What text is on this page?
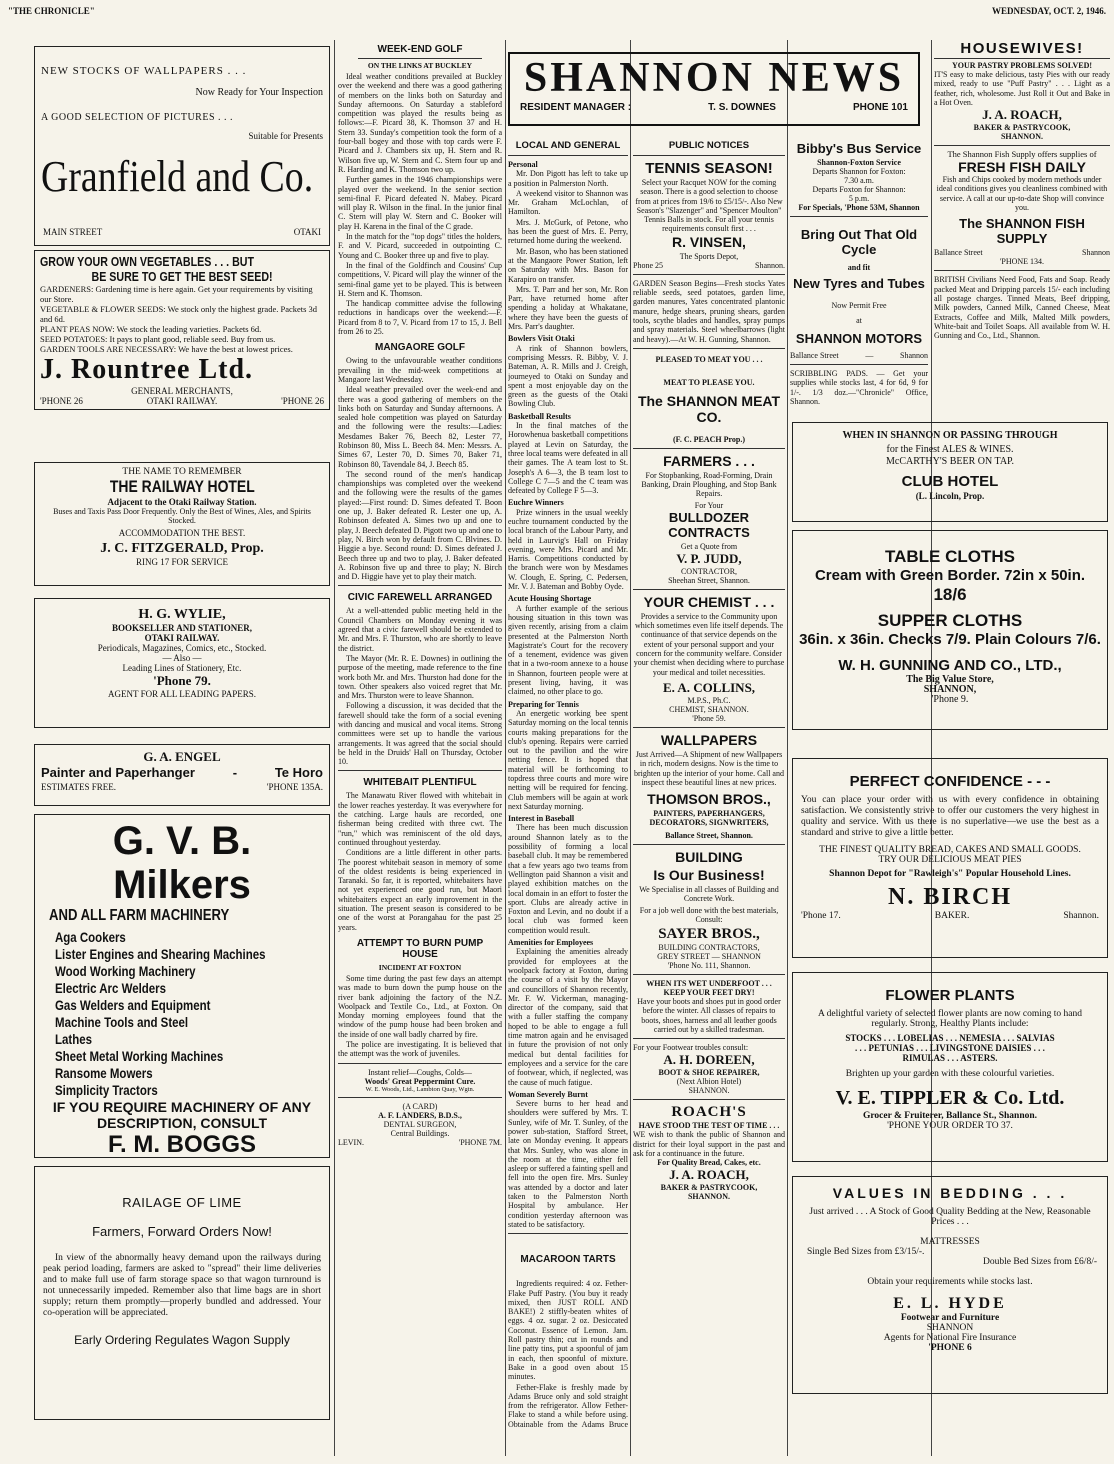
"THE CHRONICLE"	WEDNESDAY, OCT. 2, 1946.
NEW STOCKS OF WALLPAPERS . . .
Now Ready for Your Inspection
A GOOD SELECTION OF PICTURES . . .
Suitable for Presents
Granfield and Co.
MAIN STREET	OTAKI
GROW YOUR OWN VEGETABLES . . . BUT
BE SURE TO GET THE BEST SEED!
GARDENERS: Gardening time is here again. Get your requirements by visiting our Store.
VEGETABLE & FLOWER SEEDS: We stock only the highest grade. Packets 3d and 6d.
PLANT PEAS NOW: We stock the leading varieties. Packets 6d.
SEED POTATOES: It pays to plant good, reliable seed. Buy from us.
GARDEN TOOLS ARE NECESSARY: We have the best at lowest prices.
J. Rountree Ltd.
GENERAL MERCHANTS,
'PHONE 26	OTAKI RAILWAY.	'PHONE 26
THE NAME TO REMEMBER
THE RAILWAY HOTEL
Adjacent to the Otaki Railway Station.
Buses and Taxis Pass Door Frequently. Only the Best of Wines, Ales, and Spirits Stocked.
ACCOMMODATION THE BEST.
J. C. FITZGERALD, Prop.
RING 17 FOR SERVICE
H. G. WYLIE,
BOOKSELLER AND STATIONER,
OTAKI RAILWAY.
Periodicals, Magazines, Comics, etc., Stocked.
— Also —
Leading Lines of Stationery, Etc.
'Phone 79.
AGENT FOR ALL LEADING PAPERS.
G. A. ENGEL
Painter and Paperhanger	-	Te Horo
ESTIMATES FREE.	'PHONE 135A.
G. V. B. Milkers
AND ALL FARM MACHINERY
Aga Cookers
Lister Engines and Shearing Machines
Wood Working Machinery
Electric Arc Welders
Gas Welders and Equipment
Machine Tools and Steel
Lathes
Sheet Metal Working Machines
Ransome Mowers
Simplicity Tractors
IF YOU REQUIRE MACHINERY OF ANY DESCRIPTION, CONSULT
F. M. BOGGS
RAILAGE OF LIME
Farmers, Forward Orders Now!
In view of the abnormally heavy demand upon the railways during peak period loading, farmers are asked to "spread" their lime deliveries and to make full use of farm storage space so that wagon turnround is not unnecessarily impeded. Remember also that lime bags are in short supply; return them promptly—properly bundled and addressed. Your co-operation will be appreciated.
Early Ordering Regulates Wagon Supply
WEEK-END GOLF
ON THE LINKS AT BUCKLEY

Ideal weather conditions prevailed at Buckley over the weekend and there was a good gathering of members on the links both on Saturday and Sunday afternoons. On Saturday a stableford competition was played the results being as follows:—F. Picard 38, K. Thomson 37 and H. Stern 33. Sunday's competition took the form of a four-ball bogey and those with top cards were F. Picard and J. Chambers six up, H. Stern and R. Wilson five up, W. Stern and C. Stern four up and R. Harding and K. Thomson two up.

Further games in the 1946 championships were played over the weekend. In the senior section semi-final F. Picard defeated N. Mabey. Picard will play R. Wilson in the final. In the junior final C. Stern will play W. Stern and C. Booker will play H. Karena in the final of the C grade.

In the match for the "top dogs" titles the holders, F. and V. Picard, succeeded in outpointing C. Young and C. Booker three up and five to play.

In the final of the Goldfinch and Cousins' Cup competitions, V. Picard will play the winner of the semi-final game yet to be played. This is between H. Stern and K. Thomson.

The handicap committee advise the following reductions in handicaps over the weekend:—F. Picard from 8 to 7, V. Picard from 17 to 15, J. Bell from 26 to 25.

MANGAORE GOLF

Owing to the unfavourable weather conditions prevailing in the mid-week competitions at Mangaore last Wednesday.

Ideal weather prevailed over the week-end and there was a good gathering of members on the links both on Saturday and Sunday afternoons. A sealed hole competition was played on Saturday and the following were the results:—Ladies: Mesdames Baker 76, Beech 82, Lester 77, Robinson 80, Miss L. Beech 84. Men: Messrs. A. Simes 67, Lester 70, D. Simes 70, Baker 71, Robinson 80, Tavendale 84, J. Beech 85.

The second round of the men's handicap championships was completed over the weekend and the following were the results of the games played:—First round: D. Simes defeated T. Boon one up, J. Baker defeated R. Lester one up, A. Robinson defeated A. Simes two up and one to play, J. Beech defeated D. Pigott two up and one to play, N. Birch won by default from C. Blvines. D. Higgie a bye. Second round: D. Simes defeated J. Beech three up and two to play, J. Baker defeated A. Robinson five up and three to play; N. Birch and D. Higgie have yet to play their match.

CIVIC FAREWELL ARRANGED

At a well-attended public meeting held in the Council Chambers on Monday evening it was agreed that a civic farewell should be extended to Mr. and Mrs. F. Thurston, who are shortly to leave the district.

The Mayor (Mr. R. E. Downes) in outlining the purpose of the meeting, made reference to the fine work both Mr. and Mrs. Thurston had done for the town. Other speakers also voiced regret that Mr. and Mrs. Thurston were to leave Shannon.

Following a discussion, it was decided that the farewell should take the form of a social evening with dancing and musical and vocal items. Strong committees were set up to handle the various arrangements. It was agreed that the social should be held in the Druids' Hall on Thursday, October 10.

WHITEBAIT PLENTIFUL

The Manawatu River flowed with whitebait in the lower reaches yesterday. It was everywhere for the catching. Large hauls are recorded, one fisherman being credited with three cwt. The "run," which was reminiscent of the old days, continued throughout yesterday.

Conditions are a little different in other parts. The poorest whitebait season in memory of some of the oldest residents is being experienced in Taranaki. So far, it is reported, whitebaiters have not yet experienced one good run, but Maori whitebaiters expect an early improvement in the situation. The present season is considered to be one of the worst at Porangahau for the past 25 years.

ATTEMPT TO BURN PUMP HOUSE
INCIDENT AT FOXTON

Some time during the past few days an attempt was made to burn down the pump house on the river bank adjoining the factory of the N.Z. Woolpack and Textile Co., Ltd., at Foxton. On Monday morning employees found that the window of the pump house had been broken and the inside of one wall badly charred by fire.

The police are investigating. It is believed that the attempt was the work of juveniles.

Instant relief—Coughs, Colds—
Woods' Great Peppermint Cure.
W. E. Woods, Ltd., Lambton Quay, Wgtn.
(A CARD)
A. F. LANDERS, B.D.S.,
DENTAL SURGEON,
Central Buildings.
LEVIN.	'PHONE 7M.
SHANNON NEWS
RESIDENT MANAGER :	T. S. DOWNES	PHONE 101
LOCAL AND GENERAL
Personal

Mr. Don Pigott has left to take up a position in Palmerston North.

A weekend visitor to Shannon was Mr. Graham McLochlan, of Hamilton.

Mrs. J. McGurk, of Petone, who has been the guest of Mrs. E. Perry, returned home during the weekend.

Mr. Bason, who has been stationed at the Mangaore Power Station, left on Saturday with Mrs. Bason for Karapiro on transfer.

Mrs. T. Parr and her son, Mr. Ron Parr, have returned home after spending a holiday at Whakatane, where they have been the guests of Mrs. Parr's daughter.

Bowlers Visit Otaki

A rink of Shannon bowlers, comprising Messrs. R. Bibby, V. J. Bateman, A. R. Mills and J. Creigh, journeyed to Otaki on Sunday and spent a most enjoyable day on the green as the guests of the Otaki Bowling Club.

Basketball Results

In the final matches of the Horowhenua basketball competitions played at Levin on Saturday, the three local teams were defeated in all their games. The A team lost to St. Joseph's A 6—3, the B team lost to College C 7—5 and the C team was defeated by College F 5—3.

Euchre Winners

Prize winners in the usual weekly euchre tournament conducted by the local branch of the Labour Party, and held in Laurvig's Hall on Friday evening, were Mrs. Picard and Mr. Harris. Competitions conducted by the branch were won by Mesdames W. Clough, E. Spring, C. Pedersen, Mr. V. J. Bateman and Bobby Oyde.

Acute Housing Shortage

A further example of the serious housing situation in this town was given recently, arising from a claim presented at the Palmerston North Magistrate's Court for the recovery of a tenement, evidence was given that in a two-room annexe to a house in Shannon, fourteen people were at present living, having, it was claimed, no other place to go.

Preparing for Tennis

An energetic working bee spent Saturday morning on the local tennis courts making preparations for the club's opening. Repairs were carried out to the pavilion and the wire netting fence. It is hoped that material will be forthcoming to topdress three courts and more wire netting will be required for fencing. Club members will be again at work next Saturday morning.

Interest in Baseball

There has been much discussion around Shannon lately as to the possibility of forming a local baseball club. It may be remembered that a few years ago two teams from Wellington paid Shannon a visit and played exhibition matches on the local domain in an effort to foster the sport. Clubs are already active in Foxton and Levin, and no doubt if a local club was formed keen competition would result.

Amenities for Employees

Explaining the amenities already provided for employees at the woolpack factory at Foxton, during the course of a visit by the Mayor and councillors of Shannon recently, Mr. F. W. Vickerman, managing-director of the company, said that with a fuller staffing the company hoped to be able to engage a full time matron again and he envisaged in future the provision of not only medical but dental facilities for employees and a service for the care of footwear, which, if neglected, was the cause of much fatigue.

Woman Severely Burnt

Severe burns to her head and shoulders were suffered by Mrs. T. Sunley, wife of Mr. T. Sunley, of the power sub-station, Stafford Street, late on Monday evening. It appears that Mrs. Sunley, who was alone in the room at the time, either fell asleep or suffered a fainting spell and fell into the open fire. Mrs. Sunley was attended by a doctor and later taken to the Palmerston North Hospital by ambulance. Her condition yesterday afternoon was stated to be satisfactory.

MACAROON TARTS

Ingredients required: 4 oz. Fether-Flake Puff Pastry. (You buy it ready mixed, then JUST ROLL AND BAKE!) 2 stiffly-beaten whites of eggs. 4 oz. sugar. 2 oz. Desiccated Coconut. Essence of Lemon. Jam. Roll pastry thin; cut in rounds and line patty tins, put a spoonful of jam in each, then spoonful of mixture. Bake in a good oven about 15 minutes.

Fether-Flake is freshly made by Adams Bruce only and sold straight from the refrigerator. Allow Fether-Flake to stand a while before using. Obtainable from the Adams Bruce

PUBLIC NOTICES
TENNIS SEASON!
Select your Racquet NOW for the coming season. There is a good selection to choose from at prices from 19/6 to £5/15/-. Also New Season's "Slazenger" and "Spencer Moulton" Tennis Balls in stock. For all your tennis requirements consult first . . .
R. VINSEN,
The Sports Depot,
Phone 25	Shannon.
GARDEN Season Begins—Fresh stocks Yates reliable seeds, seed potatoes, garden lime, garden manures, Yates concentrated plantonic manure, hedge shears, pruning shears, garden tools, scythe blades and handles, spray pumps and spray materials. Steel wheelbarrows (light and heavy).—At W. H. Gunning, Shannon.
PLEASED TO MEAT YOU . . .
MEAT TO PLEASE YOU.
The SHANNON MEAT CO.
(F. C. PEACH Prop.)
FARMERS . . .
For Stopbanking, Road-Forming, Drain Banking, Drain Ploughing, and Stop Bank Repairs.
For Your
BULLDOZER CONTRACTS
Get a Quote from
V. P. JUDD,
CONTRACTOR,
Sheehan Street, Shannon.
YOUR CHEMIST . . .
Provides a service to the Community upon which sometimes even life itself depends. The continuance of that service depends on the extent of your personal support and your concern for the community welfare. Consider your chemist when deciding where to purchase your medical and toilet necessities.
E. A. COLLINS,
M.P.S., Ph.C.
CHEMIST, SHANNON.
'Phone 59.
WALLPAPERS
Just Arrived—A Shipment of new Wallpapers in rich, modern designs. Now is the time to brighten up the interior of your home. Call and inspect these beautiful lines at new prices.
THOMSON BROS.,
PAINTERS, PAPERHANGERS, DECORATORS, SIGNWRITERS,
Ballance Street, Shannon.
BUILDING
Is Our Business!
We Specialise in all classes of Building and Concrete Work.
For a job well done with the best materials, Consult:
SAYER BROS.,
BUILDING CONTRACTORS,
GREY STREET — SHANNON
'Phone No. 111, Shannon.
WHEN ITS WET UNDERFOOT . . .
KEEP YOUR FEET DRY!
Have your boots and shoes put in good order before the winter. All classes of repairs to boots, shoes, harness and all leather goods carried out by a skilled tradesman.
For your Footwear troubles consult:
A. H. DOREEN,
BOOT & SHOE REPAIRER,
(Next Albion Hotel)
SHANNON.
ROACH'S
HAVE STOOD THE TEST OF TIME . . .
WE wish to thank the public of Shannon and district for their loyal support in the past and ask for a continuance in the future.
For Quality Bread, Cakes, etc.
J. A. ROACH,
BAKER & PASTRYCOOK,
SHANNON.
Bibby's Bus Service
Shannon-Foxton Service
Departs Shannon for Foxton:
7.30 a.m.
Departs Foxton for Shannon:
5 p.m.
For Specials, 'Phone 53M, Shannon
Bring Out That Old Cycle
and fit
New Tyres and Tubes
Now Permit Free
at
SHANNON MOTORS
Ballance Street	—	Shannon
SCRIBBLING PADS. — Get your supplies while stocks last, 4 for 6d, 9 for 1/-. 1/3 doz.—"Chronicle" Office, Shannon.
HOUSEWIVES!
YOUR PASTRY PROBLEMS SOLVED!
IT'S easy to make delicious, tasty Pies with our ready mixed, ready to use "Puff Pastry" . . . Light as a feather, rich, wholesome. Just Roll it Out and Bake in a Hot Oven.
J. A. ROACH,
BAKER & PASTRYCOOK,
SHANNON.
The Shannon Fish Supply offers supplies of
FRESH FISH DAILY
Fish and Chips cooked by modern methods under ideal conditions gives you cleanliness combined with service. A call at our up-to-date Shop will convince you.
The SHANNON FISH SUPPLY
Ballance Street	Shannon
'PHONE 134.
BRITISH Civilians Need Food, Fats and Soap. Ready packed Meat and Dripping parcels 15/- each including all postage charges. Tinned Meats, Beef dripping, Milk powders, Canned Milk, Canned Cheese, Meat Extracts, Coffee and Milk, Malted Milk powders, White-bait and Toilet Soaps. All available from W. H. Gunning and Co., Ltd., Shannon.
WHEN IN SHANNON OR PASSING THROUGH
for the Finest ALES & WINES.
McCARTHY'S BEER ON TAP.
CLUB HOTEL
(L. Lincoln, Prop.
TABLE CLOTHS
Cream with Green Border. 72in x 50in.
18/6
SUPPER CLOTHS
36in. x 36in. Checks 7/9. Plain Colours 7/6.
W. H. GUNNING AND CO., LTD.,
The Big Value Store,
SHANNON,
'Phone 9.
PERFECT CONFIDENCE - - -
You can place your order with us with every confidence in obtaining satisfaction. We consistently strive to offer our customers the very highest in quality and service. With us there is no superlative—we use the best as a standard and strive to give a little better.
THE FINEST QUALITY BREAD, CAKES AND SMALL GOODS.
TRY OUR DELICIOUS MEAT PIES
Shannon Depot for "Rawleigh's" Popular Household Lines.
N. BIRCH
'Phone 17.	BAKER.	Shannon.
FLOWER PLANTS
A delightful variety of selected flower plants are now coming to hand regularly. Strong, Healthy Plants include:
STOCKS . . . LOBELIAS . . . NEMESIA . . . SALVIAS
. . . PETUNIAS . . . LIVINGSTONE DAISIES . . .
RIMULAS . . . ASTERS.
Brighten up your garden with these colourful varieties.
V. E. TIPPLER & Co. Ltd.
Grocer & Fruiterer, Ballance St., Shannon.
'PHONE YOUR ORDER TO 37.
VALUES IN BEDDING . . .
Just arrived . . . A Stock of Good Quality Bedding at the New, Reasonable Prices . . .
MATTRESSES
Single Bed Sizes from £3/15/-.
Double Bed Sizes from £6/8/-
Obtain your requirements while stocks last.
E. L. HYDE
Footwear and Furniture
SHANNON
Agents for National Fire Insurance
'PHONE 6
